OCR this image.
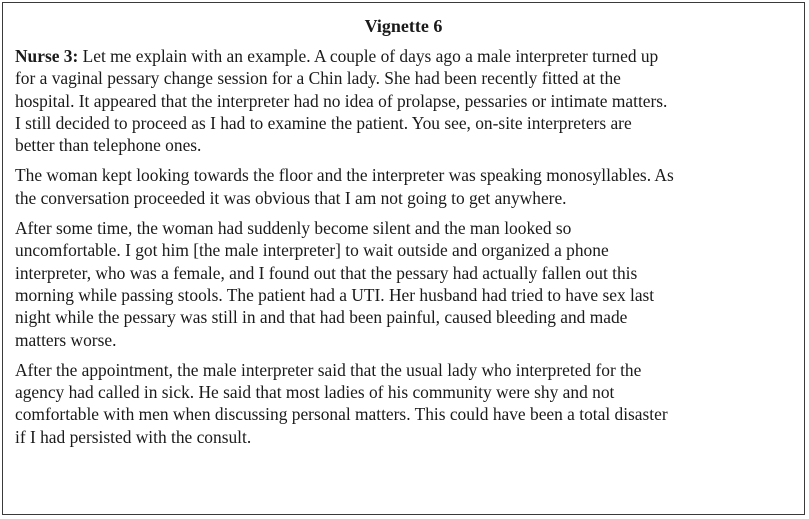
Vignette 6
Nurse 3: Let me explain with an example. A couple of days ago a male interpreter turned up
for a vaginal pessary change session for a Chin lady. She had been recently fitted at the
hospital. It appeared that the interpreter had no idea of prolapse, pessaries or intimate matters.
I still decided to proceed as I had to examine the patient. You see, on-site interpreters are
better than telephone ones.
The woman kept looking towards the floor and the interpreter was speaking monosyllables. As
the conversation proceeded it was obvious that I am not going to get anywhere.
After some time, the woman had suddenly become silent and the man looked so
uncomfortable. I got him [the male interpreter] to wait outside and organized a phone
interpreter, who was a female, and I found out that the pessary had actually fallen out this
morning while passing stools. The patient had a UTI. Her husband had tried to have sex last
night while the pessary was still in and that had been painful, caused bleeding and made
matters worse.
After the appointment, the male interpreter said that the usual lady who interpreted for the
agency had called in sick. He said that most ladies of his community were shy and not
comfortable with men when discussing personal matters. This could have been a total disaster
if I had persisted with the consult.
